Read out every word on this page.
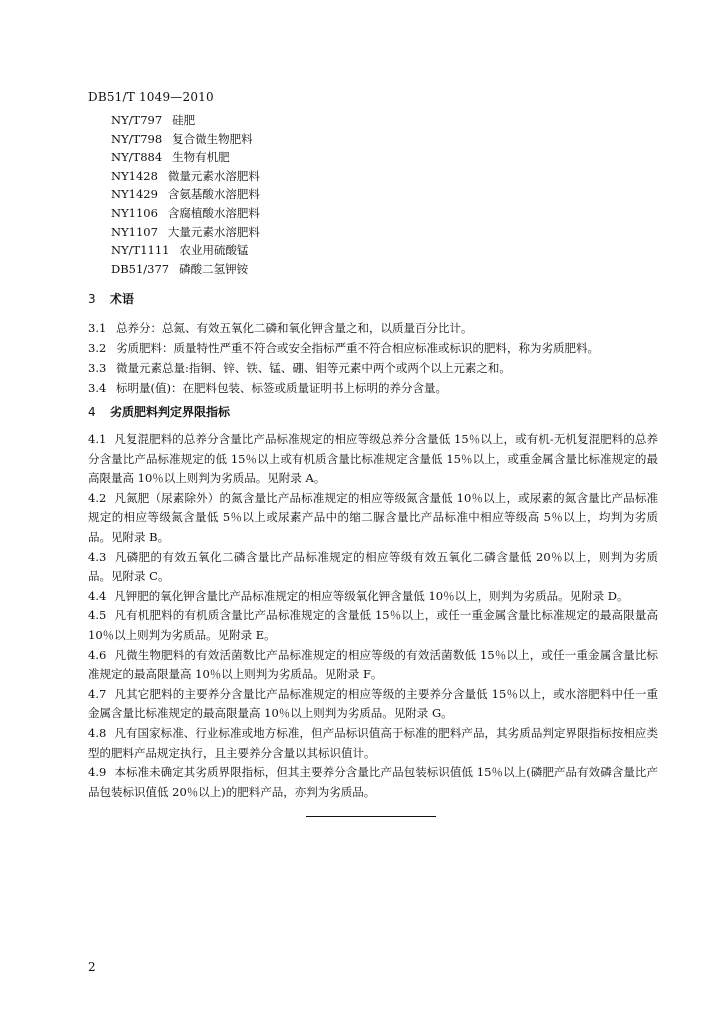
DB51/T 1049—2010
NY/T797 硅肥
NY/T798 复合微生物肥料
NY/T884 生物有机肥
NY1428 微量元素水溶肥料
NY1429 含氨基酸水溶肥料
NY1106 含腐植酸水溶肥料
NY1107 大量元素水溶肥料
NY/T1111 农业用硫酸锰
DB51/377 磷酸二氢钾铵
3 术语
3.1 总养分：总氮、有效五氧化二磷和氧化钾含量之和，以质量百分比计。
3.2 劣质肥料：质量特性严重不符合或安全指标严重不符合相应标准或标识的肥料，称为劣质肥料。
3.3 微量元素总量:指铜、锌、铁、锰、硼、钼等元素中两个或两个以上元素之和。
3.4 标明量(值)：在肥料包装、标签或质量证明书上标明的养分含量。
4 劣质肥料判定界限指标
4.1 凡复混肥料的总养分含量比产品标准规定的相应等级总养分含量低 15％以上，或有机-无机复混肥料的总养分含量比产品标准规定的低 15％以上或有机质含量比标准规定含量低 15％以上，或重金属含量比标准规定的最高限量高 10％以上则判为劣质品。见附录 A。
4.2 凡氮肥（尿素除外）的氮含量比产品标准规定的相应等级氮含量低 10％以上，或尿素的氮含量比产品标准规定的相应等级氮含量低 5％以上或尿素产品中的缩二脲含量比产品标准中相应等级高 5％以上，均判为劣质品。见附录 B。
4.3 凡磷肥的有效五氧化二磷含量比产品标准规定的相应等级有效五氧化二磷含量低 20％以上，则判为劣质品。见附录 C。
4.4 凡钾肥的氧化钾含量比产品标准规定的相应等级氧化钾含量低 10％以上，则判为劣质品。见附录 D。
4.5 凡有机肥料的有机质含量比产品标准规定的含量低 15％以上，或任一重金属含量比标准规定的最高限量高 10％以上则判为劣质品。见附录 E。
4.6 凡微生物肥料的有效活菌数比产品标准规定的相应等级的有效活菌数低 15％以上，或任一重金属含量比标准规定的最高限量高 10％以上则判为劣质品。见附录 F。
4.7 凡其它肥料的主要养分含量比产品标准规定的相应等级的主要养分含量低 15％以上，或水溶肥料中任一重金属含量比标准规定的最高限量高 10％以上则判为劣质品。见附录 G。
4.8 凡有国家标准、行业标准或地方标准，但产品标识值高于标准的肥料产品，其劣质品判定界限指标按相应类型的肥料产品规定执行，且主要养分含量以其标识值计。
4.9 本标准未确定其劣质界限指标，但其主要养分含量比产品包装标识值低 15％以上(磷肥产品有效磷含量比产品包装标识值低 20％以上)的肥料产品，亦判为劣质品。
2
